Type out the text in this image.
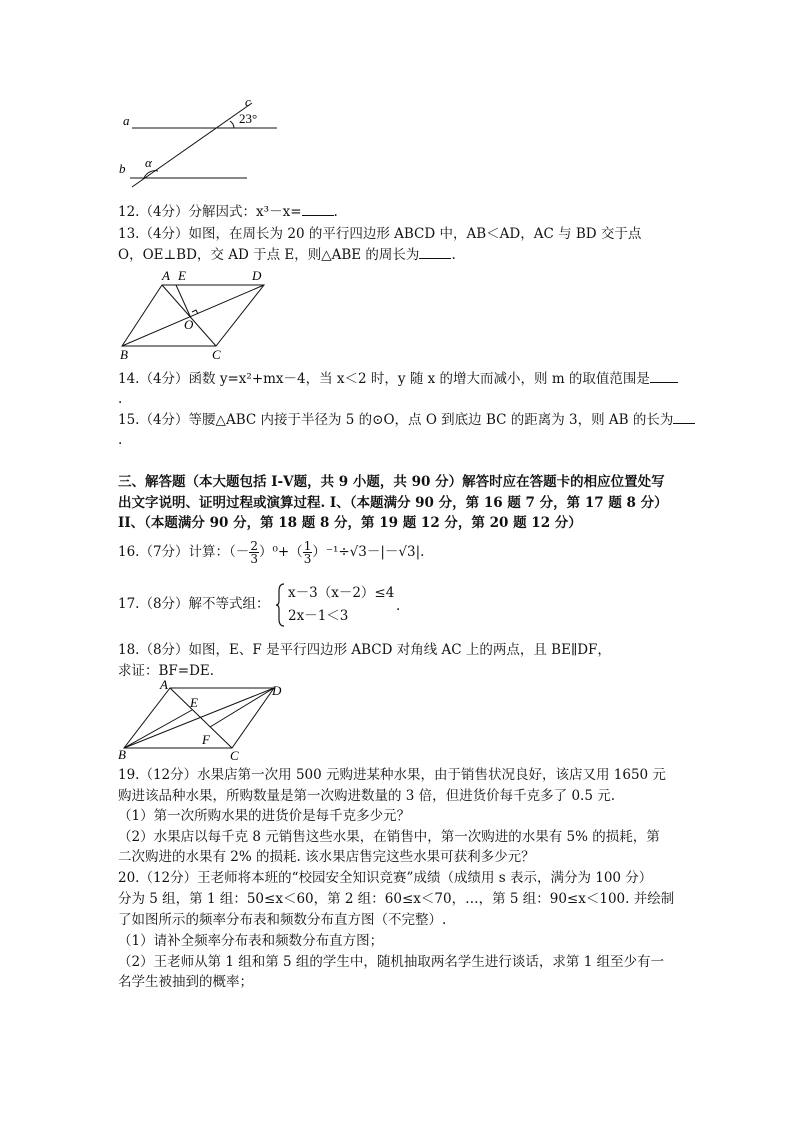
a
b
c
23°
α
12.（4分）分解因式：x³－x= .
13.（4分）如图，在周长为 20 的平行四边形 ABCD 中，AB＜AD，AC 与 BD 交于点
O，OE⊥BD，交 AD 于点 E，则△ABE 的周长为 .
A E	D
O
B	C
14.（4分）函数 y=x²+mx－4，当 x＜2 时，y 随 x 的增大而减小，则 m 的取值范围是
.
15.（4分）等腰△ABC 内接于半径为 5 的⊙O，点 O 到底边 BC 的距离为 3，则 AB 的长为
.
三、解答题（本大题包括 I-Ⅴ题，共 9 小题，共 90 分）解答时应在答题卡的相应位置处写
出文字说明、证明过程或演算过程. I、（本题满分 90 分，第 16 题 7 分，第 17 题 8 分）
II、（本题满分 90 分，第 18 题 8 分，第 19 题 12 分，第 20 题 12 分）
16.（7分）计算：（－ $\frac{2}{3} )^0+( \frac{1}{3} )^{-1}\div√3-|-√3|$.
17.（8分）解不等式组：
x－3（x－2）≤4
2x－1＜3
.
18.（8分）如图，E、F 是平行四边形 ABCD 对角线 AC 上的两点，且 BE∥DF，
求证：BF=DE.
A	D
E
F
B	C
19.（12分）水果店第一次用 500 元购进某种水果，由于销售状况良好，该店又用 1650 元
购进该品种水果，所购数量是第一次购进数量的 3 倍，但进货价每千克多了 0.5 元.
（1）第一次所购水果的进货价是每千克多少元？
（2）水果店以每千克 8 元销售这些水果，在销售中，第一次购进的水果有 5% 的损耗，第
二次购进的水果有 2% 的损耗. 该水果店售完这些水果可获利多少元？
20.（12分）王老师将本班的“校园安全知识竞赛”成绩（成绩用 s 表示，满分为 100 分）
分为 5 组，第 1 组：50≤x＜60，第 2 组：60≤x＜70，…，第 5 组：90≤x＜100. 并绘制
了如图所示的频率分布表和频数分布直方图（不完整）.
（1）请补全频率分布表和频数分布直方图；
（2）王老师从第 1 组和第 5 组的学生中，随机抽取两名学生进行谈话，求第 1 组至少有一
名学生被抽到的概率；
